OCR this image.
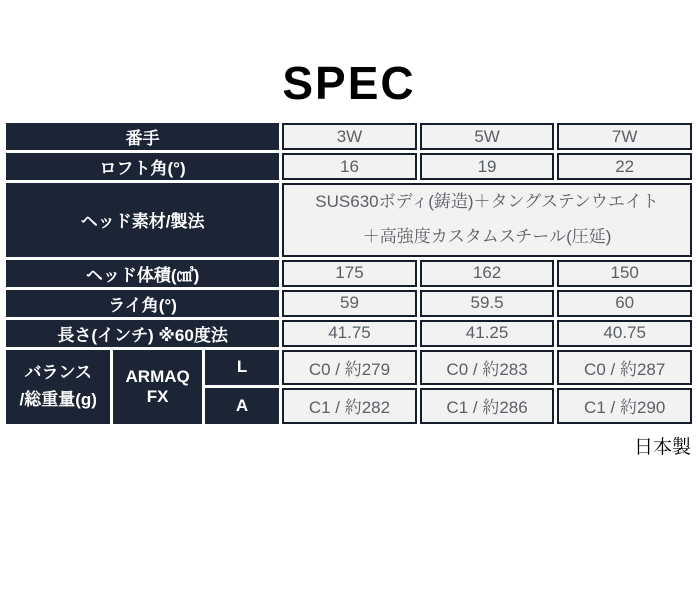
SPEC
番手			3W	5W	7W
ロフト角(°)			16	19	22
ヘッド素材/製法			SUS630ボディ(鋳造)＋タングステンウエイト
＋高強度カスタムスチール(圧延)		

ヘッド体積(㎤)			175	162	150
ライ角(°)			59	59.5	60
長さ(インチ) ※60度法			41.75	41.25	40.75

バランス
/総重量(g)	ARMAQ FX	L	C0 / 約279	C0 / 約283	C0 / 約287
		A	C1 / 約282	C1 / 約286	C1 / 約290
日本製
